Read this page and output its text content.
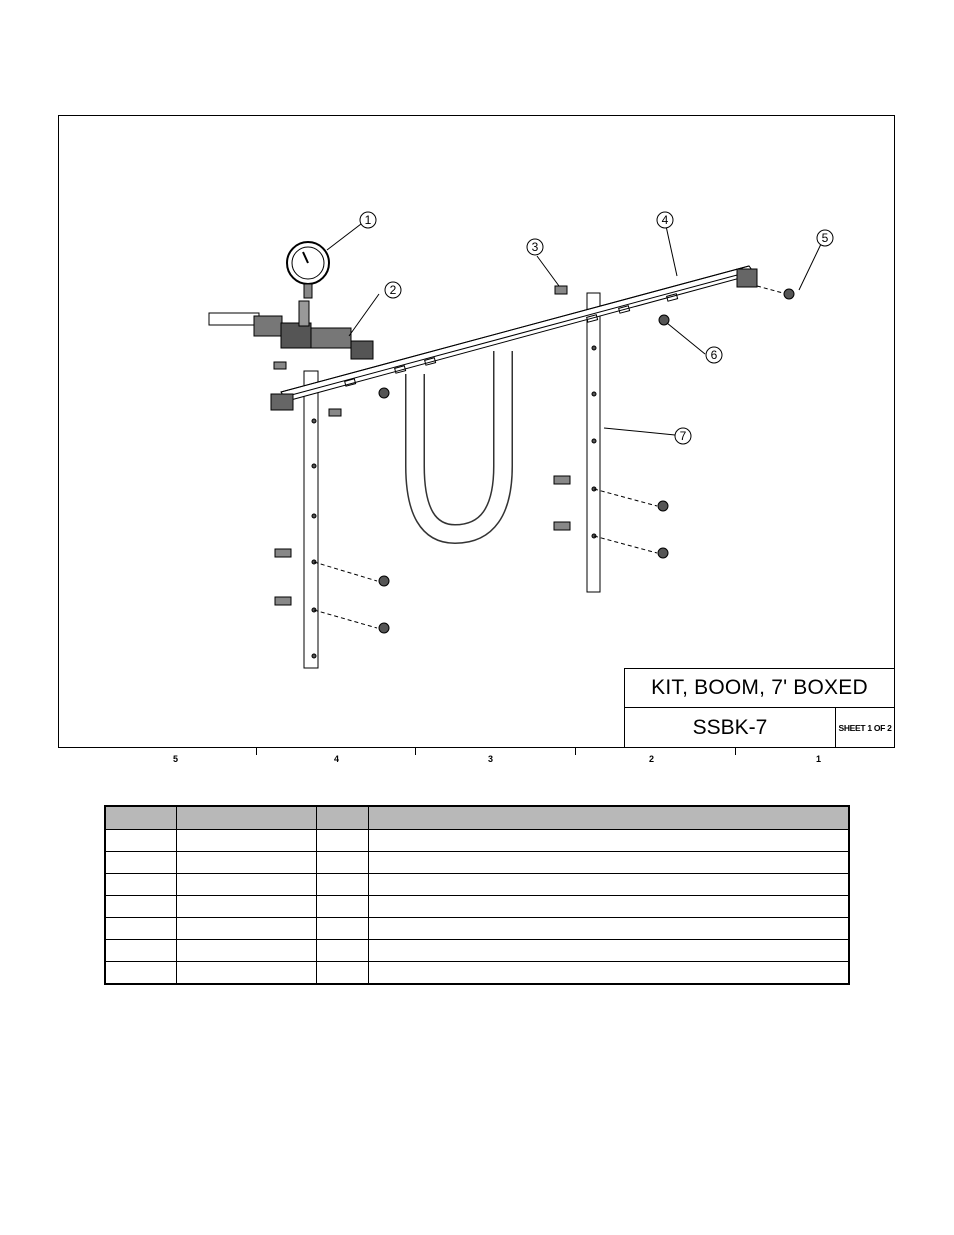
1
2
3
4
5
6
7
KIT, BOOM, 7' BOXED
SSBK-7	SHEET 1 OF 2
5	4	3	2	1
